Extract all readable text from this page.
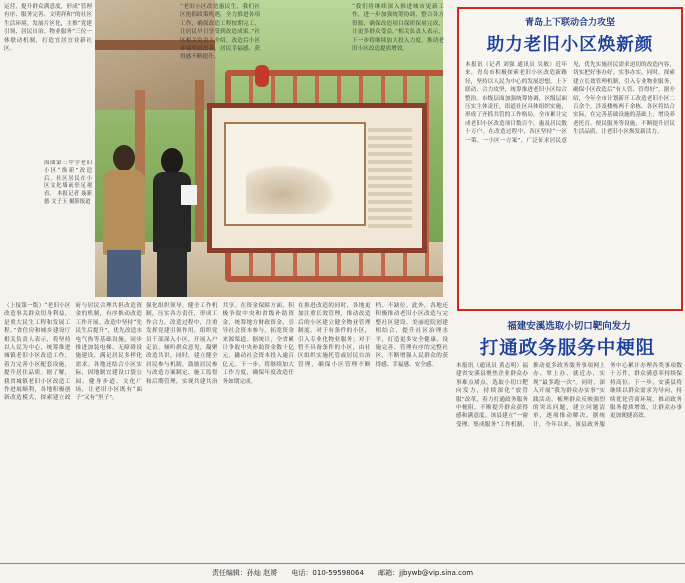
运营，提升群众满意度，形成“管理有序、服务完善、文明祥和”的社区生活环境。发展片区化，主推“党建引领、居民自治、物业服务”三位一体联动机制，打造宜居宜业新社区。
海曲第三中学老旧小区“焕新”改造后，社区居民在小区文化墙前驻足观看。 本报记者 聂新德 文子玉 摄影报道
“老旧小区改造惠民生，我们社区抢抓政策机遇，全力推进各项工作，确保改造工程按期完工，让居民早日享受到改造成果。”社区相关负责人介绍。改造后小区环境明显改善，居民幸福感、获得感不断提升。
“我们将继续深入推进城市更新工作，进一步加强统筹协调，整合各方资源，确保改造项目保质保量完成，让更多群众受益。”相关负责人表示，下一步将继续加大投入力度，推动老旧小区改造提质增效。
青岛上下联动合力攻坚
助力老旧小区焕新颜
本报讯（记者 刘强 通讯员 吴敏）近年来，青岛市积极探索老旧小区改造新路径，坚持以人民为中心的发展思想，上下联动、合力攻坚，统筹推进老旧小区综合整治。市级层面加强统筹协调，区级层面压实主体责任，街道社区具体组织实施，形成了齐抓共管的工作格局。全市累计完成老旧小区改造项目数百个，惠及居民数十万户。在改造过程中，各区坚持“一区一策、一小区一方案”，广泛征求居民意见，优先实施居民需求迫切的改造内容，切实把好事办好、实事办实。同时，探索建立长效管理机制，引入专业物业服务，确保小区改造后“有人管、管得好”。据介绍，今年全市计划新开工改造老旧小区二百余个，涉及楼栋两千余栋。各区将结合实际，在完善基础设施的基础上，增设养老托育、便民服务等设施，不断提升居民生活品质，让老旧小区焕发新活力。
福建安溪选取小切口靶向发力
打通政务服务中梗阻
本报讯（通讯员 黄志明）福建省安溪县聚焦企业群众办事难点堵点，选取小切口靶向发力，持续深化“放管服”改革，着力打通政务服务中梗阻，不断提升群众获得感和满意度。该县建立“一窗受理、集成服务”工作机制，推动更多政务服务事项网上办、掌上办、就近办，实现“最多跑一次”。同时，深入开展“我为群众办实事”实践活动，梳理群众反映强烈的突出问题，建立问题清单，逐项推动解决。据统计，今年以来，该县政务服务中心累计办理各类事项数十万件，群众满意率持续保持高位。下一步，安溪县将继续以群众需求为导向，持续优化营商环境，推动政务服务提质增效，让群众办事更加便捷高效。
（上接第一版）“老旧小区改造事关群众切身利益，是重大民生工程和发展工程。”省住房和城乡建设厅相关负责人表示，将坚持以人民为中心，统筹推进城镇老旧小区改造工作，着力完善小区配套设施，提升居住品质。据了解，我省城镇老旧小区改造工作进展顺利，各地积极创新改造模式，探索建立政府与居民合理共担改造资金的机制，有序推动改造工作开展。改造中坚持“先民生后提升”，优先改造水电气热等基础设施，同步推进加装电梯、无障碍设施建设，满足居民多样化需求。各地还结合小区实际，因地制宜建设口袋公园、健身步道、文化广场，让老旧小区既有“面子”又有“里子”。
强化组织领导，健全工作机制，压实各方责任，形成工作合力。改造过程中，注重发挥党建引领作用，组织党员干部深入小区，开展入户走访，倾听群众意见，凝聚改造共识。同时，建立健全居民参与机制，鼓励居民参与改造方案制定、施工监督和后期管理，实现共建共治共享。在资金保障方面，积极争取中央和省级补助资金，统筹地方财政资金，引导社会资本参与，拓宽资金来源渠道。据统计，全省累计争取中央补助资金数十亿元，撬动社会资本投入逾百亿元。下一步，将继续加大工作力度，确保年度改造任务如期完成。
在推进改造的同时，各地更加注重长效管理，推动改造后的小区建立健全物业管理制度。对于有条件的小区，引入专业化物业服务；对于暂不具备条件的小区，由社区组织实施托管或居民自治管理，确保小区管理不断档、不缺位。此外，各地还积极推动老旧小区改造与完整社区建设、美丽庭院创建相结合，提升社区治理水平，打造更多安全健康、设施完善、管理有序的完整社区，不断增强人民群众的获得感、幸福感、安全感。
责任编辑：孙灿 赵赟 电话：010-59598064 邮箱：jjbywb@vip.sina.com
